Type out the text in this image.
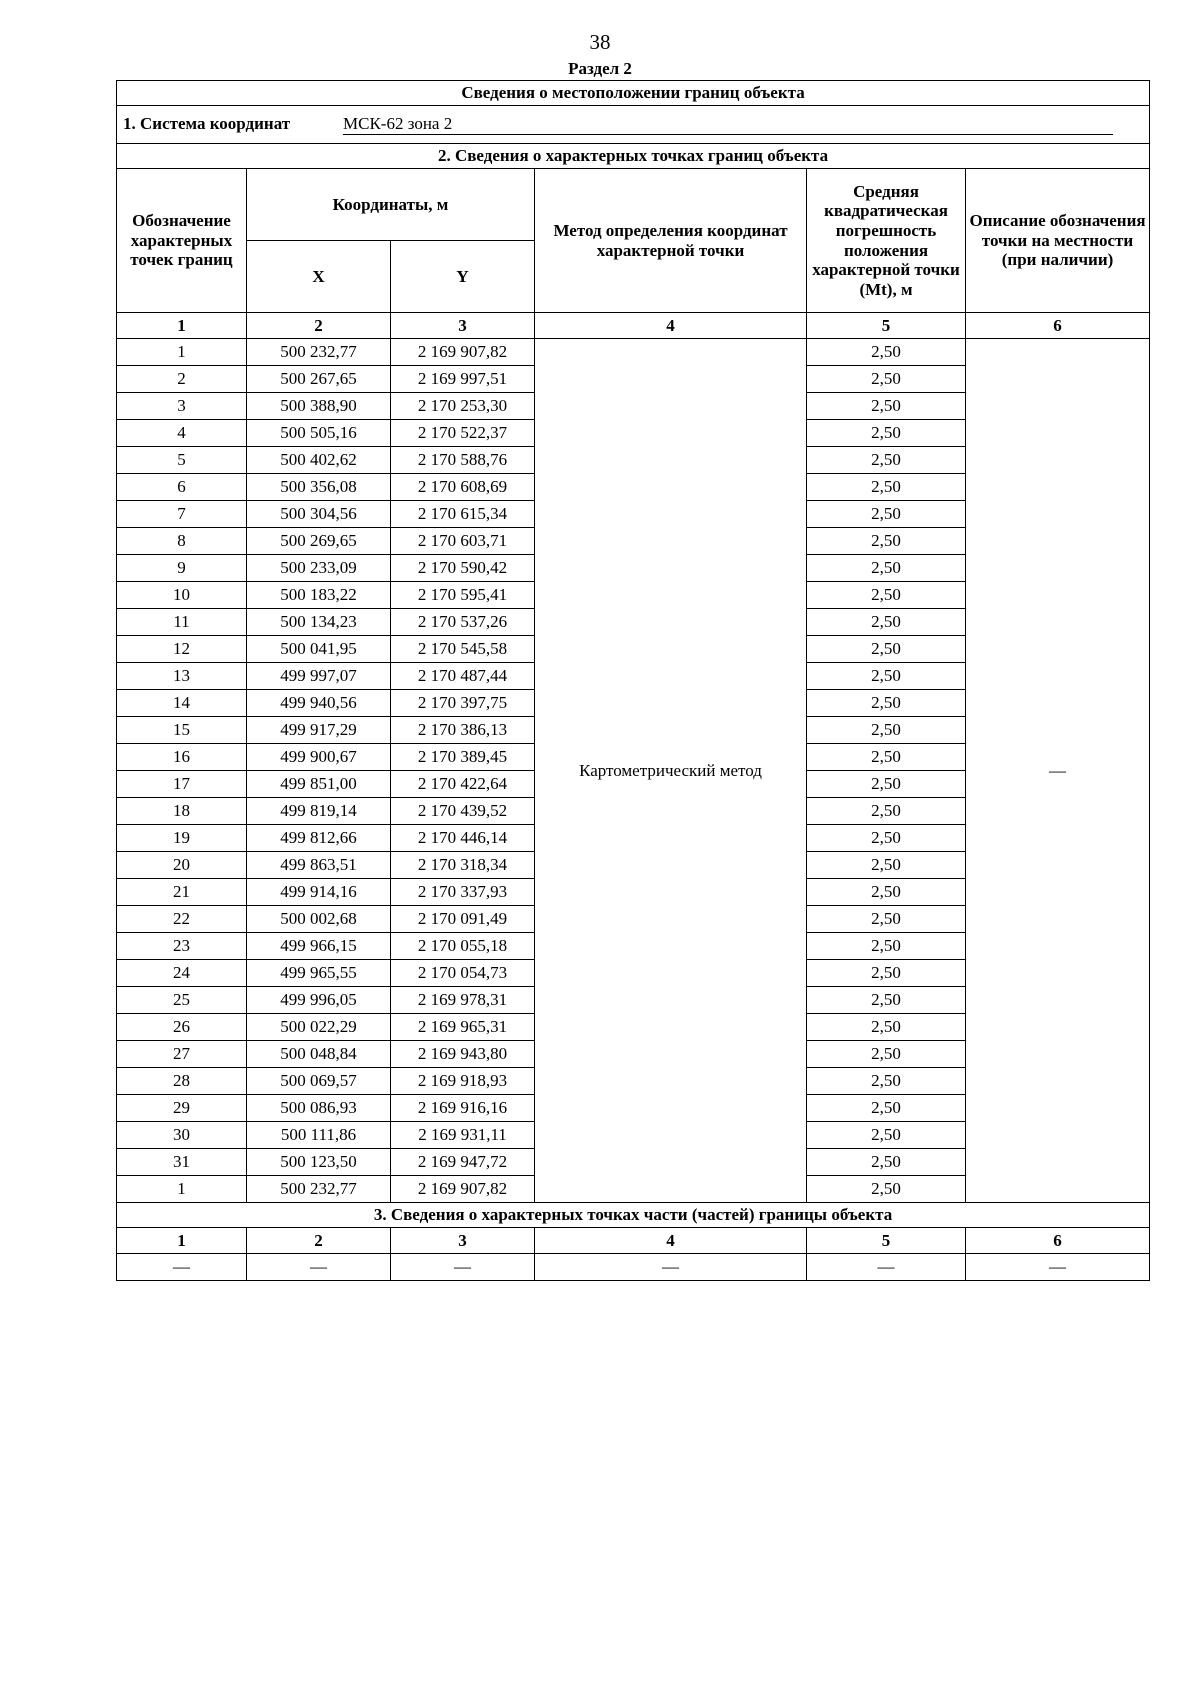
38
Раздел 2
Сведения о местоположении границ объекта					
1. Система координат МСК-62 зона 2					
2. Сведения о характерных точках границ объекта					
Обозначение характерных точек границ	Координаты, м		Метод определения координат характерной точки	Средняя квадратическая погрешность положения характерной точки (Mt), м	Описание обозначения точки на местности (при наличии)
	X	Y			
1	2	3	4	5	6
1	500 232,77	2 169 907,82	Картометрический метод	2,50	—
2	500 267,65	2 169 997,51		2,50	
3	500 388,90	2 170 253,30		2,50	
4	500 505,16	2 170 522,37		2,50	
5	500 402,62	2 170 588,76		2,50	
6	500 356,08	2 170 608,69		2,50	
7	500 304,56	2 170 615,34		2,50	
8	500 269,65	2 170 603,71		2,50	
9	500 233,09	2 170 590,42		2,50	
10	500 183,22	2 170 595,41		2,50	
11	500 134,23	2 170 537,26		2,50	
12	500 041,95	2 170 545,58		2,50	
13	499 997,07	2 170 487,44		2,50	
14	499 940,56	2 170 397,75		2,50	
15	499 917,29	2 170 386,13		2,50	
16	499 900,67	2 170 389,45		2,50	
17	499 851,00	2 170 422,64		2,50	
18	499 819,14	2 170 439,52		2,50	
19	499 812,66	2 170 446,14		2,50	
20	499 863,51	2 170 318,34		2,50	
21	499 914,16	2 170 337,93		2,50	
22	500 002,68	2 170 091,49		2,50	
23	499 966,15	2 170 055,18		2,50	
24	499 965,55	2 170 054,73		2,50	
25	499 996,05	2 169 978,31		2,50	
26	500 022,29	2 169 965,31		2,50	
27	500 048,84	2 169 943,80		2,50	
28	500 069,57	2 169 918,93		2,50	
29	500 086,93	2 169 916,16		2,50	
30	500 111,86	2 169 931,11		2,50	
31	500 123,50	2 169 947,72		2,50	
1	500 232,77	2 169 907,82		2,50	
3. Сведения о характерных точках части (частей) границы объекта					
1	2	3	4	5	6
—	—	—	—	—	—
